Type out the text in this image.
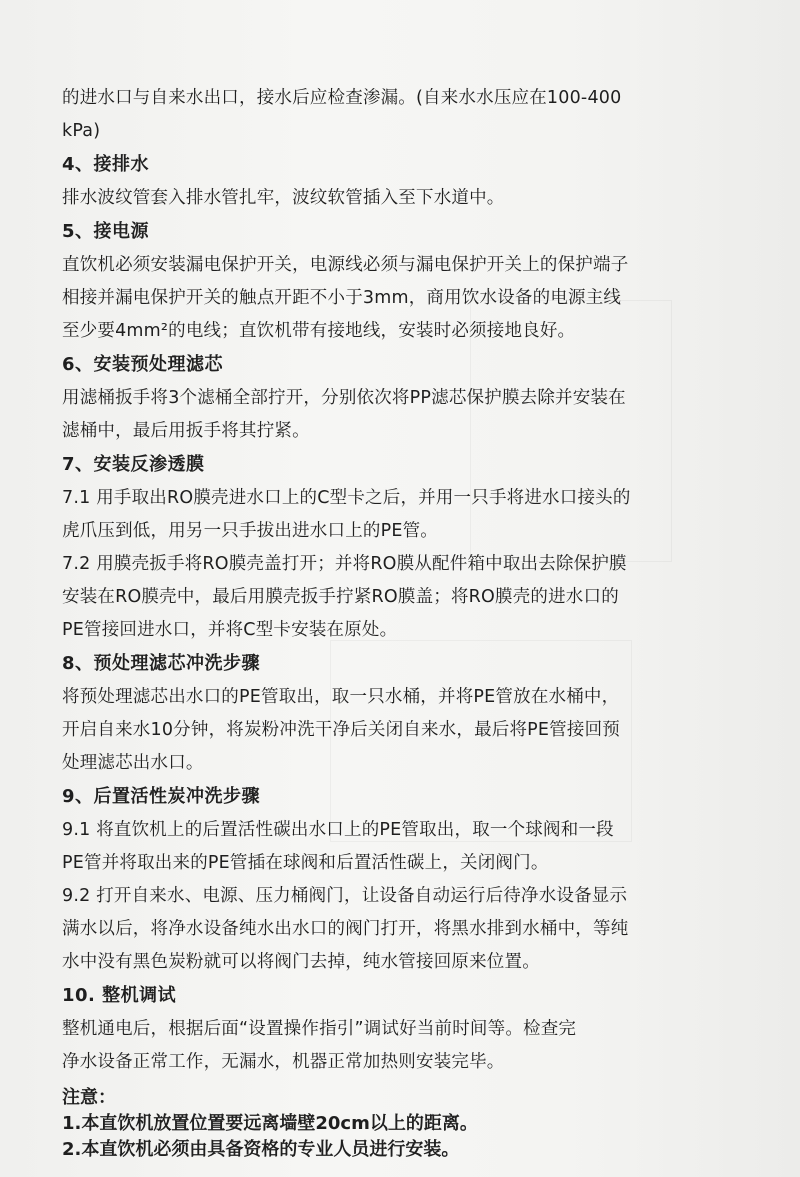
的进水口与自来水出口，接水后应检查渗漏。(自来水水压应在100-400
kPa)
4、接排水
排水波纹管套入排水管扎牢，波纹软管插入至下水道中。
5、接电源
直饮机必须安装漏电保护开关，电源线必须与漏电保护开关上的保护端子
相接并漏电保护开关的触点开距不小于3mm，商用饮水设备的电源主线
至少要4mm²的电线；直饮机带有接地线，安装时必须接地良好。
6、安装预处理滤芯
用滤桶扳手将3个滤桶全部拧开，分别依次将PP滤芯保护膜去除并安装在
滤桶中，最后用扳手将其拧紧。
7、安装反渗透膜
7.1 用手取出RO膜壳进水口上的C型卡之后，并用一只手将进水口接头的
虎爪压到低，用另一只手拔出进水口上的PE管。
7.2 用膜壳扳手将RO膜壳盖打开；并将RO膜从配件箱中取出去除保护膜
安装在RO膜壳中，最后用膜壳扳手拧紧RO膜盖；将RO膜壳的进水口的
PE管接回进水口，并将C型卡安装在原处。
8、预处理滤芯冲洗步骤
将预处理滤芯出水口的PE管取出，取一只水桶，并将PE管放在水桶中，
开启自来水10分钟，将炭粉冲洗干净后关闭自来水，最后将PE管接回预
处理滤芯出水口。
9、后置活性炭冲洗步骤
9.1 将直饮机上的后置活性碳出水口上的PE管取出，取一个球阀和一段
PE管并将取出来的PE管插在球阀和后置活性碳上，关闭阀门。
9.2 打开自来水、电源、压力桶阀门，让设备自动运行后待净水设备显示
满水以后，将净水设备纯水出水口的阀门打开，将黑水排到水桶中，等纯
水中没有黑色炭粉就可以将阀门去掉，纯水管接回原来位置。
10. 整机调试
整机通电后，根据后面“设置操作指引”调试好当前时间等。检查完
净水设备正常工作，无漏水，机器正常加热则安装完毕。
注意：
1.本直饮机放置位置要远离墙壁20cm以上的距离。
2.本直饮机必须由具备资格的专业人员进行安装。
